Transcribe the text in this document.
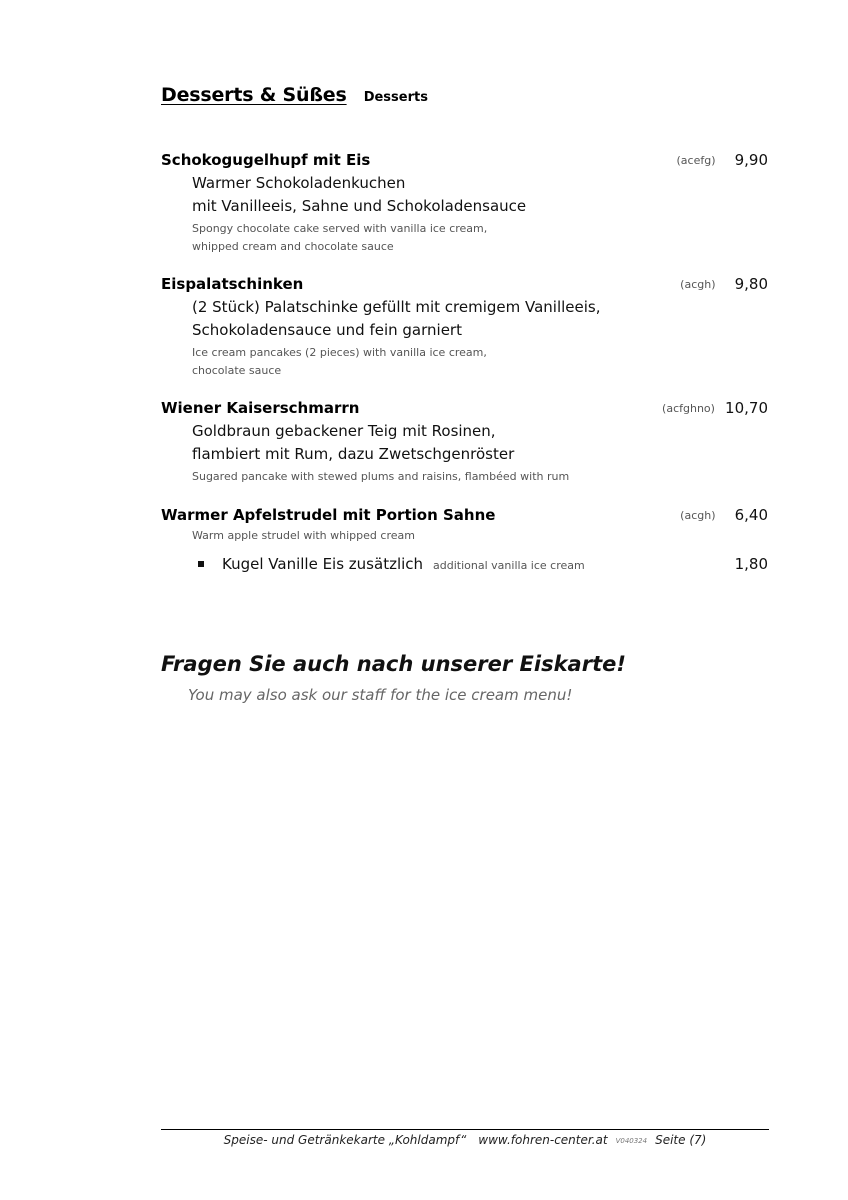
Desserts & Süßes Desserts
Schokogugelhupf mit Eis	(acefg) 9,90
Warmer Schokoladenkuchen
mit Vanilleeis, Sahne und Schokoladensauce
Spongy chocolate cake served with vanilla ice cream,
whipped cream and chocolate sauce
Eispalatschinken	(acgh) 9,80
(2 Stück) Palatschinke gefüllt mit cremigem Vanilleeis,
Schokoladensauce und fein garniert
Ice cream pancakes (2 pieces) with vanilla ice cream,
chocolate sauce
Wiener Kaiserschmarrn	(acfghno) 10,70
Goldbraun gebackener Teig mit Rosinen,
flambiert mit Rum, dazu Zwetschgenröster
Sugared pancake with stewed plums and raisins, flambéed with rum
Warmer Apfelstrudel mit Portion Sahne	(acgh) 6,40
Warm apple strudel with whipped cream
Kugel Vanille Eis zusätzlich additional vanilla ice cream	1,80
Fragen Sie auch nach unserer Eiskarte!
You may also ask our staff for the ice cream menu!
Speise- und Getränkekarte „Kohldampf“ www.fohren-center.at V040324 Seite (7)
